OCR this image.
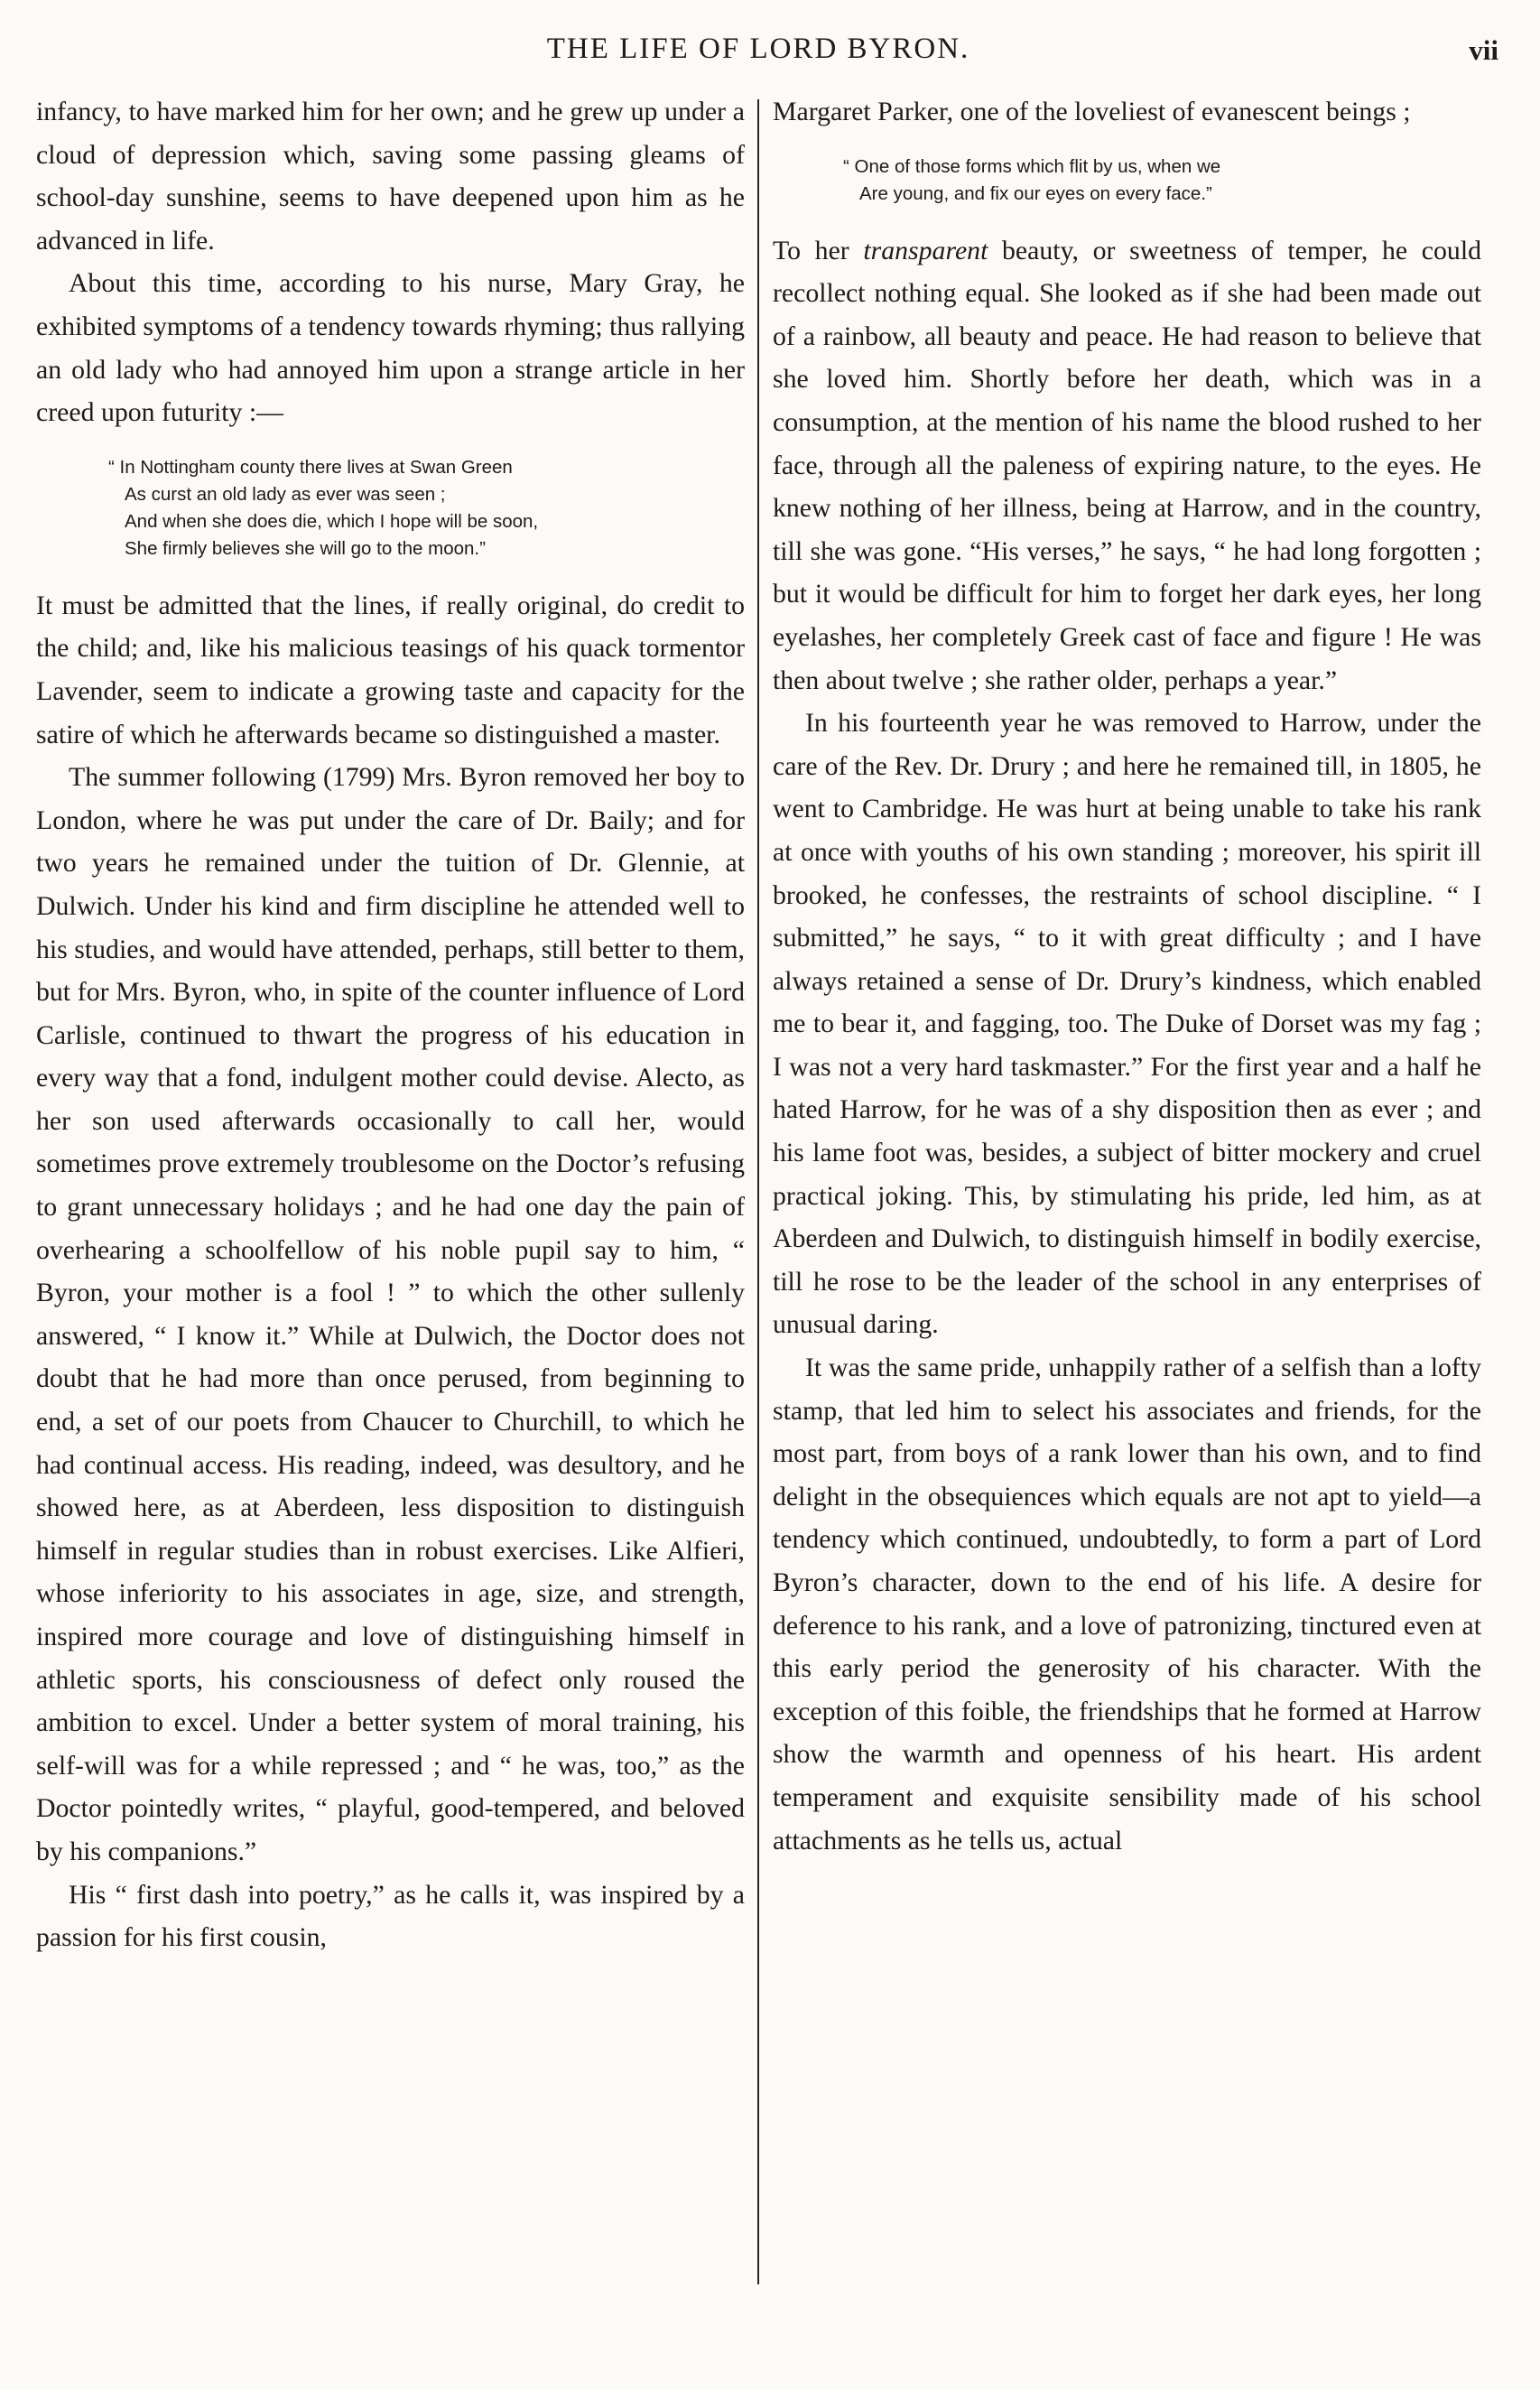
THE LIFE OF LORD BYRON.	vii

infancy, to have marked him for her own; and he grew up under a cloud of depression which, saving some passing gleams of school-day sunshine, seems to have deepened upon him as he advanced in life.

About this time, according to his nurse, Mary Gray, he exhibited symptoms of a tendency towards rhyming; thus rallying an old lady who had annoyed him upon a strange article in her creed upon futurity :—

“ In Nottingham county there lives at Swan Green
As curst an old lady as ever was seen ;
And when she does die, which I hope will be soon,
She firmly believes she will go to the moon.”

It must be admitted that the lines, if really original, do credit to the child; and, like his malicious teasings of his quack tormentor Lavender, seem to indicate a growing taste and capacity for the satire of which he afterwards became so distinguished a master.

The summer following (1799) Mrs. Byron removed her boy to London, where he was put under the care of Dr. Baily; and for two years he remained under the tuition of Dr. Glennie, at Dulwich. Under his kind and firm discipline he attended well to his studies, and would have attended, perhaps, still better to them, but for Mrs. Byron, who, in spite of the counter influence of Lord Carlisle, continued to thwart the progress of his education in every way that a fond, indulgent mother could devise. Alecto, as her son used afterwards occasionally to call her, would sometimes prove extremely troublesome on the Doctor’s refusing to grant unnecessary holidays ; and he had one day the pain of overhearing a schoolfellow of his noble pupil say to him, “ Byron, your mother is a fool ! ” to which the other sullenly answered, “ I know it.” While at Dulwich, the Doctor does not doubt that he had more than once perused, from beginning to end, a set of our poets from Chaucer to Churchill, to which he had continual access. His reading, indeed, was desultory, and he showed here, as at Aberdeen, less disposition to distinguish himself in regular studies than in robust exercises. Like Alfieri, whose inferiority to his associates in age, size, and strength, inspired more courage and love of distinguishing himself in athletic sports, his consciousness of defect only roused the ambition to excel. Under a better system of moral training, his self-will was for a while repressed ; and “ he was, too,” as the Doctor pointedly writes, “ playful, good-tempered, and beloved by his companions.”

His “ first dash into poetry,” as he calls it, was inspired by a passion for his first cousin,

Margaret Parker, one of the loveliest of evanescent beings ;

“ One of those forms which flit by us, when we
Are young, and fix our eyes on every face.”

To her transparent beauty, or sweetness of temper, he could recollect nothing equal. She looked as if she had been made out of a rainbow, all beauty and peace. He had reason to believe that she loved him. Shortly before her death, which was in a consumption, at the mention of his name the blood rushed to her face, through all the paleness of expiring nature, to the eyes. He knew nothing of her illness, being at Harrow, and in the country, till she was gone. “His verses,” he says, “ he had long forgotten ; but it would be difficult for him to forget her dark eyes, her long eyelashes, her completely Greek cast of face and figure ! He was then about twelve ; she rather older, perhaps a year.”

In his fourteenth year he was removed to Harrow, under the care of the Rev. Dr. Drury ; and here he remained till, in 1805, he went to Cambridge. He was hurt at being unable to take his rank at once with youths of his own standing ; moreover, his spirit ill brooked, he confesses, the restraints of school discipline. “ I submitted,” he says, “ to it with great difficulty ; and I have always retained a sense of Dr. Drury’s kindness, which enabled me to bear it, and fagging, too. The Duke of Dorset was my fag ; I was not a very hard taskmaster.” For the first year and a half he hated Harrow, for he was of a shy disposition then as ever ; and his lame foot was, besides, a subject of bitter mockery and cruel practical joking. This, by stimulating his pride, led him, as at Aberdeen and Dulwich, to distinguish himself in bodily exercise, till he rose to be the leader of the school in any enterprises of unusual daring.

It was the same pride, unhappily rather of a selfish than a lofty stamp, that led him to select his associates and friends, for the most part, from boys of a rank lower than his own, and to find delight in the obsequiences which equals are not apt to yield—a tendency which continued, undoubtedly, to form a part of Lord Byron’s character, down to the end of his life. A desire for deference to his rank, and a love of patronizing, tinctured even at this early period the generosity of his character. With the exception of this foible, the friendships that he formed at Harrow show the warmth and openness of his heart. His ardent temperament and exquisite sensibility made of his school attachments as he tells us, actual
